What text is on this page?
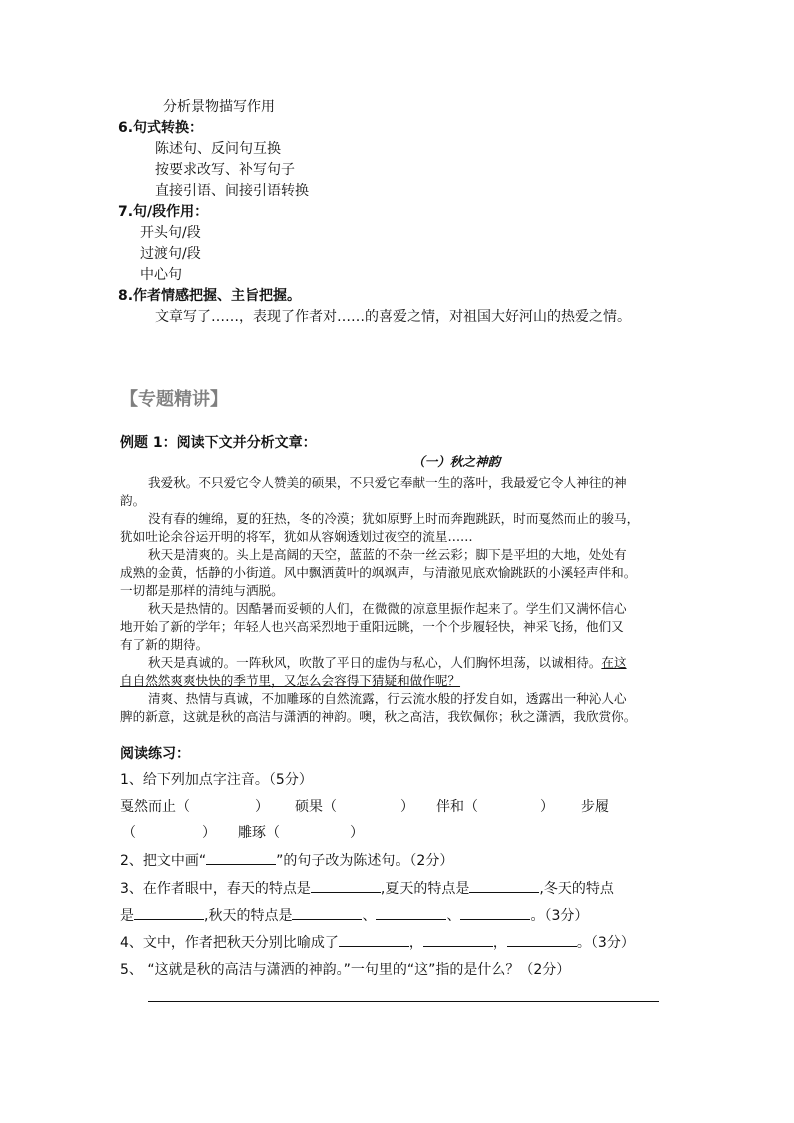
分析景物描写作用
6.句式转换：
陈述句、反问句互换
按要求改写、补写句子
直接引语、间接引语转换
7.句/段作用：
开头句/段
过渡句/段
中心句
8.作者情感把握、主旨把握。
文章写了……，表现了作者对……的喜爱之情，对祖国大好河山的热爱之情。
【专题精讲】
例题 1：阅读下文并分析文章：
（一）秋之神韵
我爱秋。不只爱它令人赞美的硕果，不只爱它奉献一生的落叶，我最爱它令人神往的神
韵。
没有春的缠绵，夏的狂热，冬的冷漠；犹如原野上时而奔跑跳跃，时而戛然而止的骏马，
犹如吐论余谷运开明的将军，犹如从容娴透划过夜空的流星……
秋天是清爽的。头上是高阔的天空，蓝蓝的不杂一丝云彩；脚下是平坦的大地，处处有
成熟的金黄，恬静的小街道。风中飘洒黄叶的飒飒声，与清澈见底欢愉跳跃的小溪轻声伴和。
一切都是那样的清纯与洒脱。
秋天是热情的。因酷暑而妥顿的人们，在微微的凉意里振作起来了。学生们又满怀信心
地开始了新的学年；年轻人也兴高采烈地于重阳远眺，一个个步履轻快，神采飞扬，他们又
有了新的期待。
秋天是真诚的。一阵秋风，吹散了平日的虚伪与私心，人们胸怀坦荡，以诚相待。在这
自自然然爽爽快快的季节里，又怎么会容得下猜疑和做作呢？
清爽、热情与真诚，不加雕琢的自然流露，行云流水般的抒发自如，透露出一种沁人心
脾的新意，这就是秋的高洁与潇洒的神韵。噢，秋之高洁，我钦佩你；秋之潇洒，我欣赏你。
阅读练习：
1、给下列加点字注音。（5分）
戛然而止（	） 硕果（	） 伴和（	） 步履
（	） 雕琢（	）
2、把文中画“	”的句子改为陈述句。（2分）
3、在作者眼中，春天的特点是	,夏天的特点是	,冬天的特点
是	,秋天的特点是	、	、	。（3分）
4、文中，作者把秋天分别比喻成了	，	，	。（3分）
5、 “这就是秋的高洁与潇洒的神韵。”一句里的“这”指的是什么？（2分）
